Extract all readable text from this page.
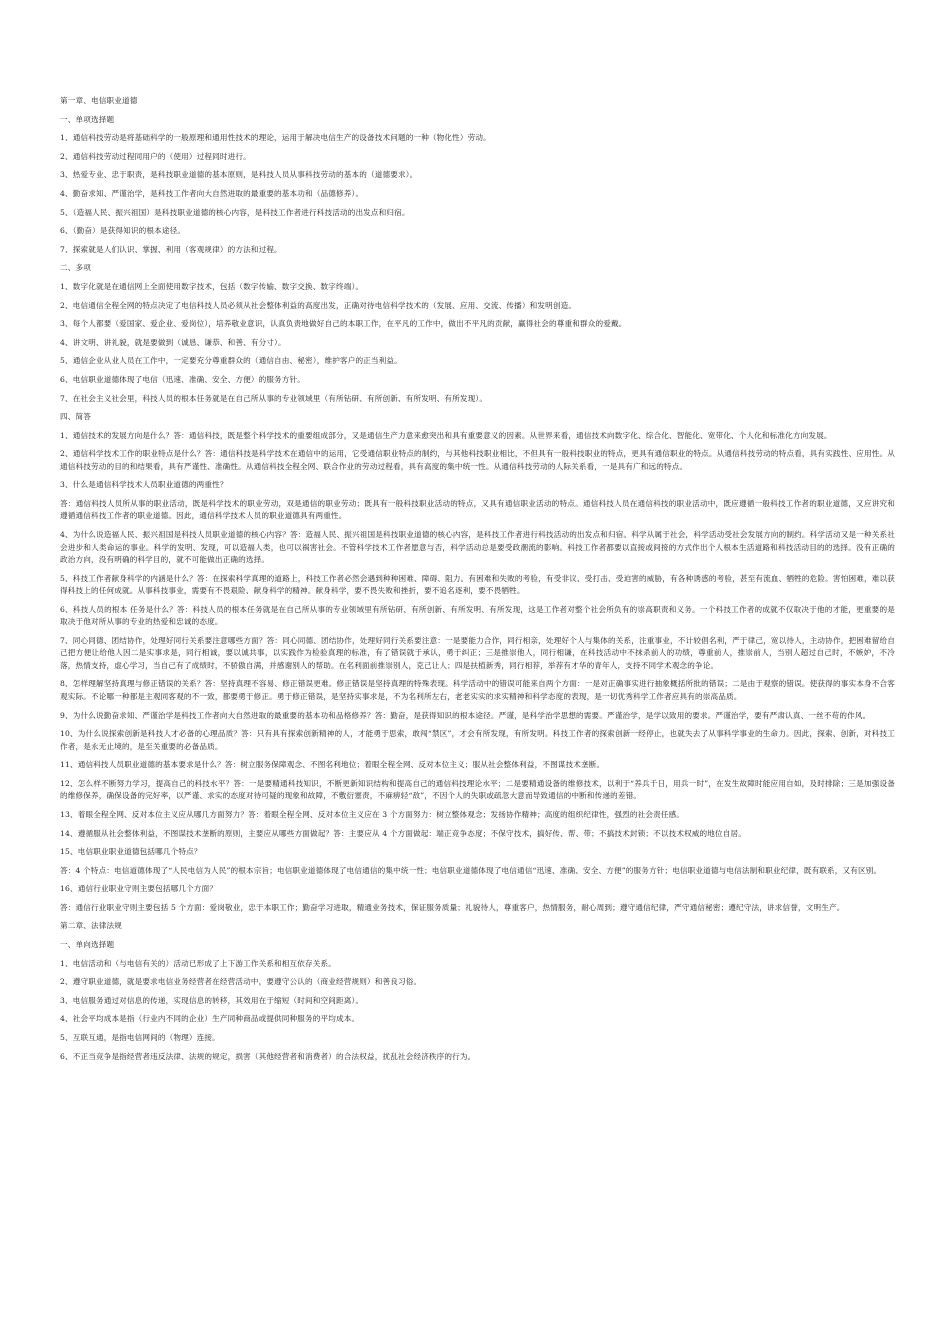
第一章、电信职业道德
一、单项选择题
1、通信科技劳动是将基础科学的一般原理和通用性技术的理论，运用于解决电信生产的设备技术问题的一种（物化性）劳动。
2、通信科技劳动过程同用户的（使用）过程同时进行。
3、热爱专业、忠于职责，是科技职业道德的基本原则，是科技人员从事科技劳动的基本的（道德要求）。
4、勤奋求知、严谨治学，是科技工作者向大自然进取的最重要的基本功和（品德修养）。
5、（造福人民、振兴祖国）是科技职业道德的核心内容，是科技工作者进行科技活动的出发点和归宿。
6、（勤奋）是获得知识的根本途径。
7、探索就是人们认识、掌握、利用（客观规律）的方法和过程。
二、多项
1、数字化就是在通信网上全面使用数字技术，包括（数字传输、数字交换、数字终端）。
2、电信通信全程全网的特点决定了电信科技人员必须从社会整体利益的高度出发，正确对待电信科学技术的（发展、应用、交流、传播）和发明创造。
3、每个人都要（爱国家、爱企业、爱岗位），培养敬业意识，认真负责地做好自己的本职工作，在平凡的工作中，做出不平凡的贡献，赢得社会的尊重和群众的爱戴。
4、讲文明、讲礼貌，就是要做到（诚恳、谦恭、和善、有分寸）。
5、通信企业从业人员在工作中，一定要充分尊重群众的（通信自由、秘密），维护客户的正当利益。
6、电信职业道德体现了电信（迅速、准确、安全、方便）的服务方针。
7、在社会主义社会里，科技人员的根本任务就是在自己所从事的专业领域里（有所钻研、有所创新、有所发明、有所发现）。
四、简答
1、通信技术的发展方向是什么？答：通信科技，既是整个科学技术的重要组成部分，又是通信生产力意来愈突出和具有重要意义的因素。从世界来看，通信技术向数字化、综合化、智能化、宽带化、个人化和标准化方向发展。
2、通信科学技术工作的职业特点是什么？答：通信科技是科学技术在通信中的运用，它受通信职业特点的制约，与其他科技职业相比，不但具有一般科技职业的特点，更具有通信职业的特点。从通信科技劳动的特点看，具有实践性、应用性。从通信科技劳动的目的和结果看，具有严谨性、准确性。从通信科技全程全网、联合作业的劳动过程看，具有高度的集中统一性。从通信科技劳动的人际关系看，一是具有广和远的特点。
3、什么是通信科学技术人员职业道德的两重性？
答：通信科技人员所从事的职业活动，既是科学技术的职业劳动，双是通信的职业劳动；既具有一般科技职业活动的特点，又具有通信职业活动的特点。通信科技人员在通信科技的职业活动中，既应遵循一般科技工作者的职业道德，又应讲究和遵循通信科技工作者的职业道德。因此，通信科学技术人员的职业道德具有两重性。
4、为什么说造福人民、振兴祖国是科技人员职业道德的核心内容？答：造福人民、振兴祖国是科技职业道德的核心内容，是科技工作者进行科技活动的出发点和归宿。科学从属于社会，科学活动受社会发展方向的制约。科学活动又是一种关系社会进步和人类命运的事业。科学的发明、发现，可以造福人类，也可以祸害社会。不管科学技术工作者愿意与否，科学活动总是要受政潮流的影响。科技工作者都要以直接或间接的方式作出个人根本生活道路和科技活动目的的选择。没有正确的政治方向，没有明确的科学目的，就不可能做出正确的选择。
5、科技工作者献身科学的内涵是什么？答：在探索科学真理的道路上，科技工作者必然会遇到种种困难、障碍、阻力。有困难和失败的考验，有受非议、受打击、受迫害的威胁，有各种诱惑的考验，甚至有流血、牺牲的危险。害怕困难，难以获得科技上的任何成就。从事科技事业，需要有不畏艰险、献身科学的精神。献身科学，要不畏失败和挫折，要不追名逐利，要不畏牺牲。
6、科技人员的根本 任务是什么？答：科技人员的根本任务就是在自己所从事的专业领域里有所钻研、有所创新、有所发明、有所发现，这是工作者对整个社会所负有的崇高职责和义务。一个科技工作者的成就不仅取决于他的才能，更重要的是取决于他对所从事的专业的热爱和忠诚的态度。
7、同心同德、团结协作，处理好同行关系要注意哪些方面？答：同心同德、团结协作，处理好同行关系要注意：一是要能力合作，同行相亲，处理好个人与集体的关系，注重事业，不计较倡名利，严于律己，宽以待人，主动协作，把困难留给自己把方便让给他人因二是实事求是，同行相诚，要以诚共事，以实践作为检验真理的标准，有了错误就于承认，勇于纠正；三是推崇他人，同行相谦，在科技活动中不抹杀前人的功绩，尊重前人，推崇前人，当别人超过自己时，不嫉妒，不冷落，热情支持，虚心学习，当自己有了成绩时，不骄傲自满，并感谢别人的帮助。在名利面前推崇别人，克己让人；四是扶植新秀，同行相荐，举荐有才华的青年人，支持不同学术观念的争论。
8、怎样理解坚持真理与修正错误的关系？答：坚持真理不容易、修正错误更难。修正错误是坚持真理的特殊表现。科学活动中的错误可能来自两个方面：一是对正确事实进行抽象概括所批的错误；二是由于观察的错误。使获得的事实本身不合客观实际。不论哪一种都是主观同客观的不一致，都要勇于修正。勇于修正错误，是坚持实事求是，不为名利所左右，老老实实的求实精神和科学态度的表现，是一切优秀科学工作者应具有的崇高品质。
9、为什么说勤奋求知、严谨治学是科技工作者向大自然进取的最重要的基本功和品格修养？答：勤奋，是获得知识的根本途径。严谨，是科学治学思想的需要。严谨治学，是学以致用的要求。严谨治学，要有严肃认真、一丝不苟的作风。
10、为什么说探索创新是科技人才必备的心理品质？答：只有具有探索创新精神的人，才能勇于思索，敢闯“禁区”，才会有所发现，有所发明。科技工作者的探索创新一经停止，也就失去了从事科学事业的生命力。因此，探索、创新，对科技工作者，是永无止境的，是至关重要的必备品质。
11、通信科技人员职业道德的基本要求是什么？答：树立服务保障观念、不图名利地位；着眼全程全网、反对本位主义；服从社会整体利益，不图谋技术垄断。
12、怎么样不断努力学习，提高自己的科技水平？答：一是要精通科技知识，不断更新知识结构和提高自己的通信科技理论水平；二是要精通设备的维修技术，以利于“养兵千日，用兵一时”，在发生故障时能应用自如，及时排除；三是加强设备的维修保养，确保设备的完好率，以严谨、求实的态度对待可疑的现象和故障，不敷衍塞责，不麻痹轻“敌”，不因个人的失职或疏忽大意而导致通信的中断和传递的差错。
13、着眼全程全网、反对本位主义应从哪几方面努力？答：着眼全程全网、反对本位主义应在 3 个方面努力：树立整体观念；发扬协作精神；高度的组织纪律性，强烈的社会责任感。
14、遵循服从社会整体利益，不图谋技术垄断的原则，主要应从哪些方面做起？答：主要应从 4 个方面做起：端正竞争态度；不保守技术，搞好传、帮、带；不搞技术封锁；不以技术权威的地位自居。
15、电信职业职业道德包括哪几个特点？
答：4 个特点：电信道德体现了“人民电信为人民”的根本宗旨；电信职业道德体现了电信通信的集中统一性；电信职业道德体现了电信通信“迅速、准确、安全、方便”的服务方针；电信职业道德与电信法制和职业纪律，既有联系，又有区别。
16、通信行业职业守则主要包括哪几个方面？
答：通信行业职业守则主要包括 5 个方面：爱岗敬业，忠于本职工作；勤奋学习进取，精通业务技术，保证服务质量；礼貌待人，尊重客户，热情服务，耐心周到；遵守通信纪律，严守通信秘密；遵纪守法，讲求信誉，文明生产。
第二章、法律法规
一、单向选择题
1、电信活动和（与电信有关的）活动已形成了上下游工作关系和相互依存关系。
2、遵守职业道德，就是要求电信业务经营者在经营活动中，要遵守公认的（商业经营规则）和善良习俗。
3、电信服务通过对信息的传递，实现信息的转移，其效用在于缩短（时间和空间距离）。
4、社会平均成本是指（行业内不同的企业）生产同种商品或提供同种服务的平均成本。
5、互联互通，是指电信网间的（物理）连接。
6、不正当竞争是指经营者违反法律、法规的规定，损害（其他经营者和消费者）的合法权益，扰乱社会经济秩序的行为。
